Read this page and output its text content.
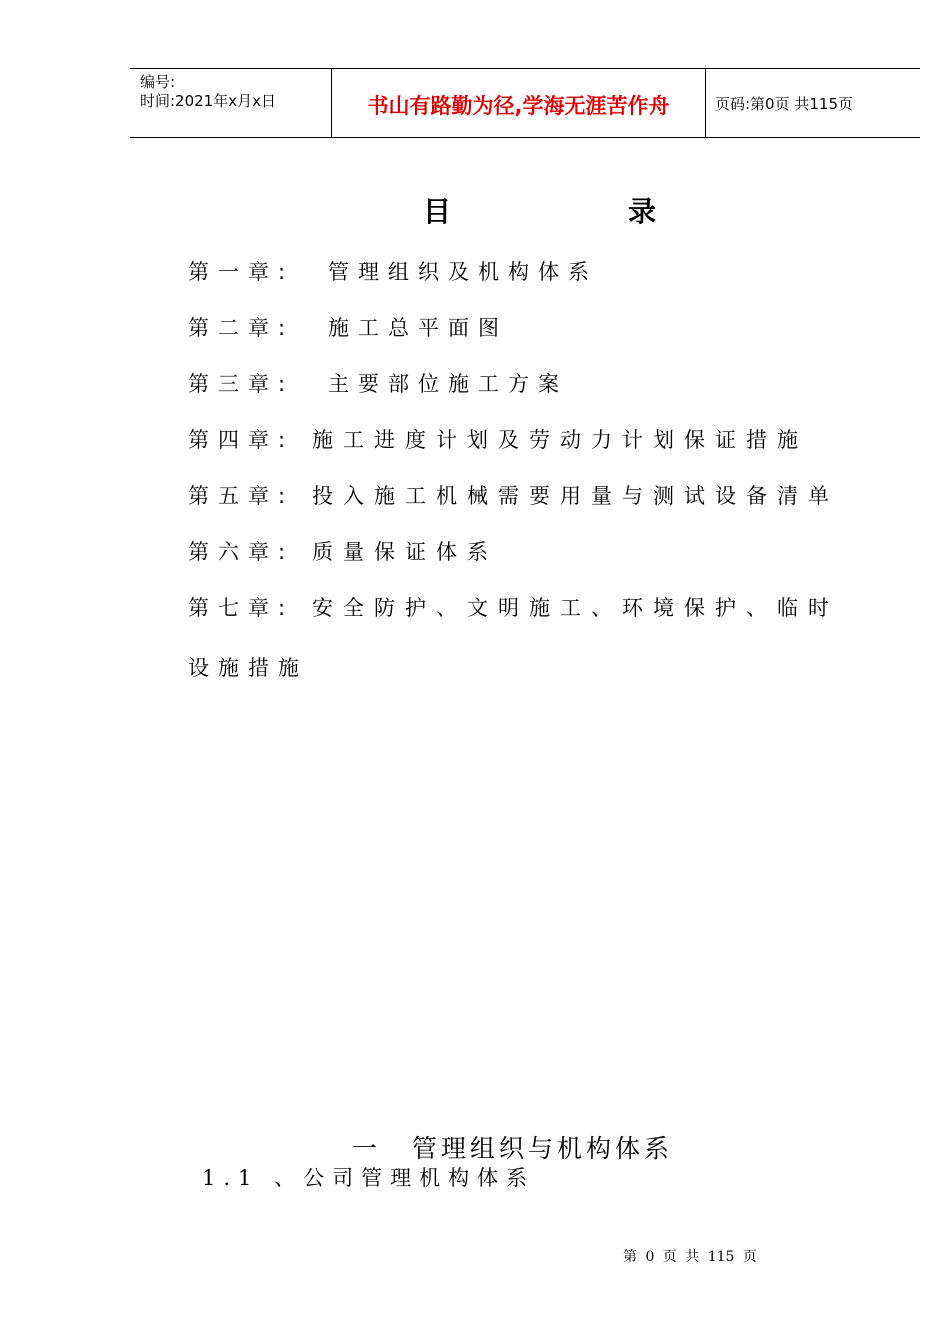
编号:
时间:2021年x月x日	书山有路勤为径,学海无涯苦作舟	页码:第0页 共115页
目	录
第一章: 管理组织及机构体系
第二章: 施工总平面图
第三章: 主要部位施工方案
第四章: 施工进度计划及劳动力计划保证措施
第五章: 投入施工机械需要用量与测试设备清单
第六章: 质量保证体系
第七章: 安全防护、文明施工、环境保护、临时
设施措施
一 管理组织与机构体系
1.1 、公司管理机构体系
第 0 页 共 115 页
